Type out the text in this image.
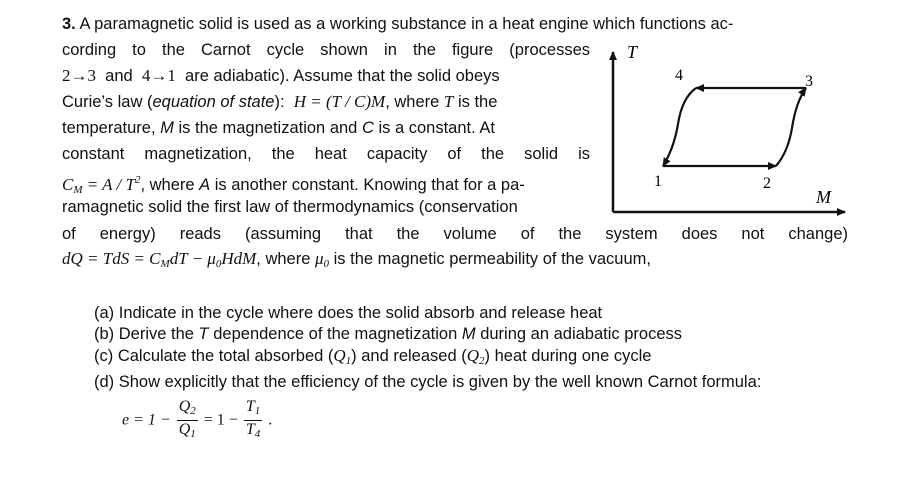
3. A paramagnetic solid is used as a working substance in a heat engine which functions ac-
cording to the Carnot cycle shown in the figure (processes
2→3 and 4→1 are adiabatic). Assume that the solid obeys
Curie’s law (equation of state): H = (T / C)M, where T is the
temperature, M is the magnetization and C is a constant. At
constant magnetization, the heat capacity of the solid is
$C_M = A / T^2$, where A is another constant. Knowing that for a pa-
ramagnetic solid the first law of thermodynamics (conservation
of energy) reads (assuming that the volume of the system does not change)
dQ = TdS = $C_MdT - \mu_0HdM$, where $\mu_0$ is the magnetic permeability of the vacuum,
T
M
1	2
3
4
(a) Indicate in the cycle where does the solid absorb and release heat
(b) Derive the T dependence of the magnetization M during an adiabatic process
(c) Calculate the total absorbed $(Q_1)$ and released $(Q_2)$ heat during one cycle
(d) Show explicitly that the efficiency of the cycle is given by the well known Carnot formula:
$e = 1 - \frac{Q_2}{Q_1} = 1 - \frac{T_1}{T_4}$ .
